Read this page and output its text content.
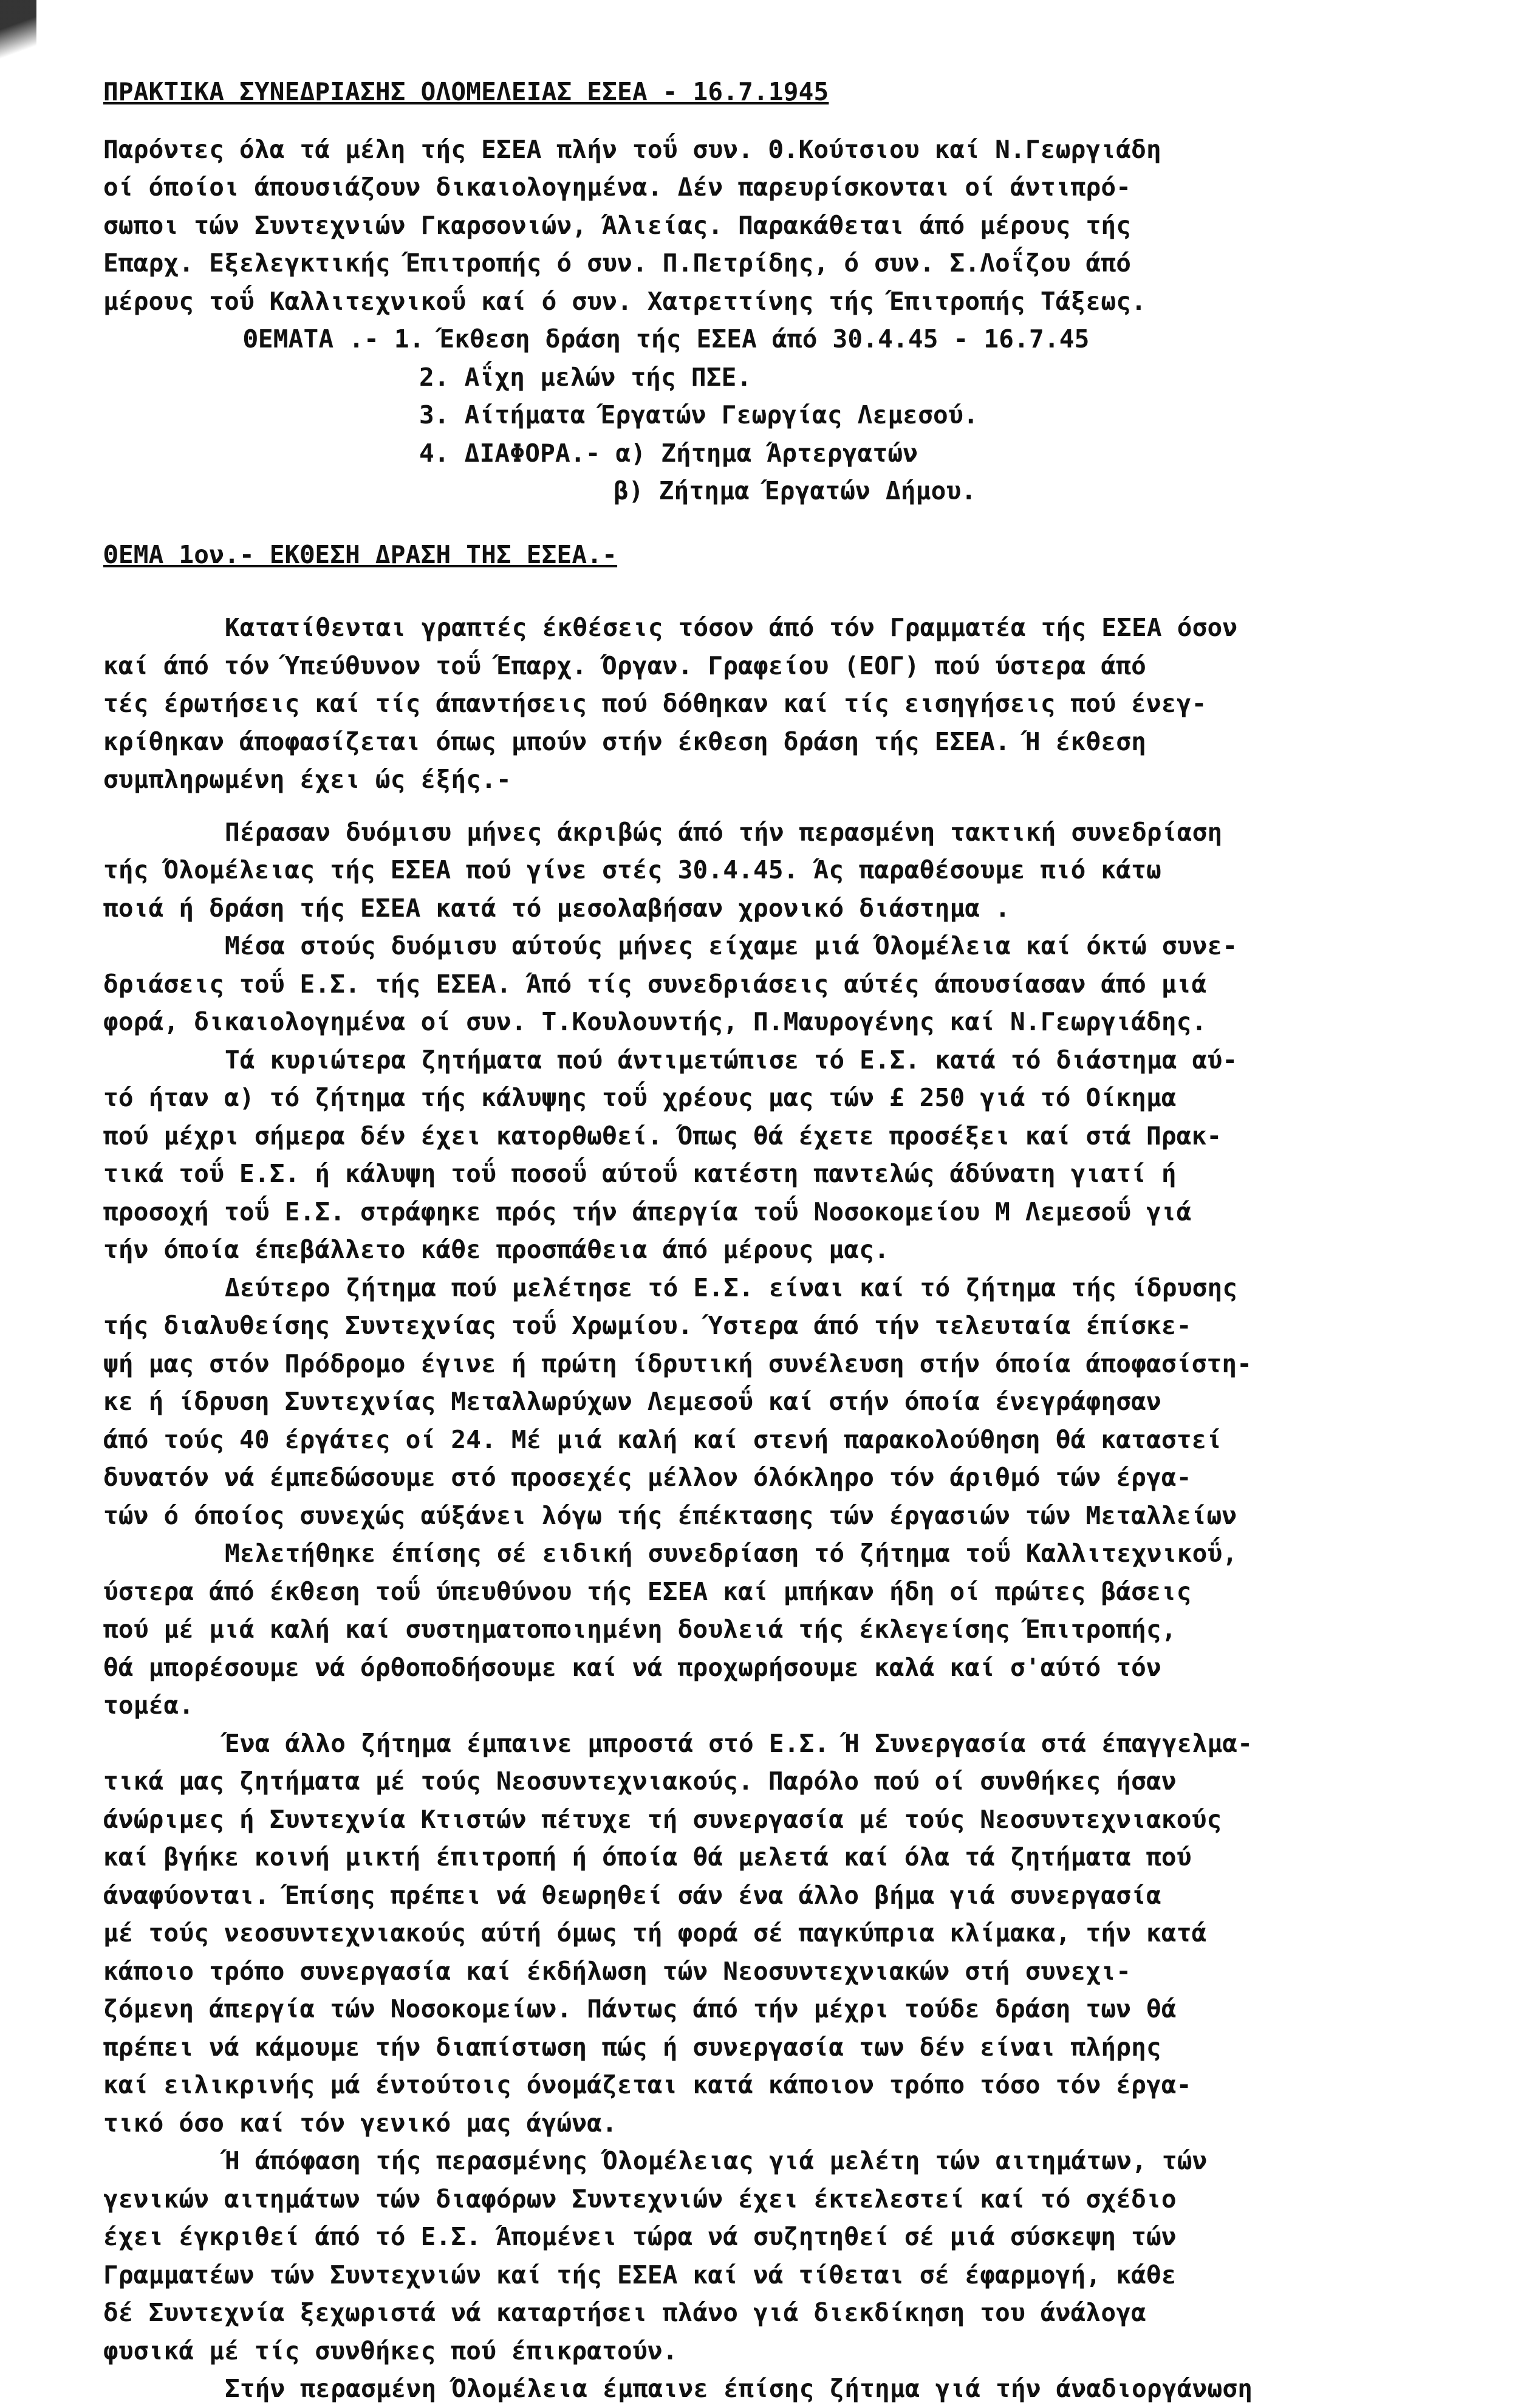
ΠΡΑΚΤΙΚΑ ΣΥΝΕΔΡΙΑΣΗΣ ΟΛΟΜΕΛΕΙΑΣ ΕΣΕΑ - 16.7.1945
Παρόντες όλα τά μέλη τής ΕΣΕΑ πλήν τοΰ συν. Θ.Κούτσιου καί Ν.Γεωργιάδη
οί όποίοι άπουσιάζουν δικαιολογημένα. Δέν παρευρίσκονται οί άντιπρό-
σωποι τών Συντεχνιών Γκαρσονιών, Άλιείας. Παρακάθεται άπό μέρους τής
Επαρχ. Εξελεγκτικής Έπιτροπής ό συν. Π.Πετρίδης, ό συν. Σ.Λοΐζου άπό
μέρους τοΰ Καλλιτεχνικοΰ καί ό συν. Χατρεττίνης τής Έπιτροπής Τάξεως.
ΘΕΜΑΤΑ .- 1. Έκθεση δράση τής ΕΣΕΑ άπό 30.4.45 - 16.7.45
2. Αΐχη μελών τής ΠΣΕ.
3. Αίτήματα Έργατών Γεωργίας Λεμεσού.
4. ΔΙΑΦΟΡΑ.- α) Ζήτημα Άρτεργατών
β) Ζήτημα Έργατών Δήμου.
ΘΕΜΑ 1ον.- ΕΚΘΕΣΗ ΔΡΑΣΗ ΤΗΣ ΕΣΕΑ.-
Κατατίθενται γραπτές έκθέσεις τόσον άπό τόν Γραμματέα τής ΕΣΕΑ όσον
καί άπό τόν Ύπεύθυνον τοΰ Έπαρχ. Όργαν. Γραφείου (ΕΟΓ) πού ύστερα άπό
τές έρωτήσεις καί τίς άπαντήσεις πού δόθηκαν καί τίς εισηγήσεις πού ένεγ-
κρίθηκαν άποφασίζεται όπως μπούν στήν έκθεση δράση τής ΕΣΕΑ. Ή έκθεση
συμπληρωμένη έχει ώς έξής.-
Πέρασαν δυόμισυ μήνες άκριβώς άπό τήν περασμένη τακτική συνεδρίαση
τής Όλομέλειας τής ΕΣΕΑ πού γίνε στές 30.4.45. Άς παραθέσουμε πιό κάτω
ποιά ή δράση τής ΕΣΕΑ κατά τό μεσολαβήσαν χρονικό διάστημα .
Μέσα στούς δυόμισυ αύτούς μήνες είχαμε μιά Όλομέλεια καί όκτώ συνε-
δριάσεις τοΰ Ε.Σ. τής ΕΣΕΑ. Άπό τίς συνεδριάσεις αύτές άπουσίασαν άπό μιά
φορά, δικαιολογημένα οί συν. Τ.Κουλουντής, Π.Μαυρογένης καί Ν.Γεωργιάδης.
Τά κυριώτερα ζητήματα πού άντιμετώπισε τό Ε.Σ. κατά τό διάστημα αύ-
τό ήταν α) τό ζήτημα τής κάλυψης τοΰ χρέους μας τών £ 250 γιά τό Οίκημα
πού μέχρι σήμερα δέν έχει κατορθωθεί. Όπως θά έχετε προσέξει καί στά Πρακ-
τικά τοΰ Ε.Σ. ή κάλυψη τοΰ ποσοΰ αύτοΰ κατέστη παντελώς άδύνατη γιατί ή
προσοχή τοΰ Ε.Σ. στράφηκε πρός τήν άπεργία τοΰ Νοσοκομείου Μ Λεμεσοΰ γιά
τήν όποία έπεβάλλετο κάθε προσπάθεια άπό μέρους μας.
Δεύτερο ζήτημα πού μελέτησε τό Ε.Σ. είναι καί τό ζήτημα τής ίδρυσης
τής διαλυθείσης Συντεχνίας τοΰ Χρωμίου. Ύστερα άπό τήν τελευταία έπίσκε-
ψή μας στόν Πρόδρομο έγινε ή πρώτη ίδρυτική συνέλευση στήν όποία άποφασίστη-
κε ή ίδρυση Συντεχνίας Μεταλλωρύχων Λεμεσοΰ καί στήν όποία ένεγράφησαν
άπό τούς 40 έργάτες οί 24. Μέ μιά καλή καί στενή παρακολούθηση θά καταστεί
δυνατόν νά έμπεδώσουμε στό προσεχές μέλλον όλόκληρο τόν άριθμό τών έργα-
τών ό όποίος συνεχώς αύξάνει λόγω τής έπέκτασης τών έργασιών τών Μεταλλείων
Μελετήθηκε έπίσης σέ ειδική συνεδρίαση τό ζήτημα τοΰ Καλλιτεχνικοΰ,
ύστερα άπό έκθεση τοΰ ύπευθύνου τής ΕΣΕΑ καί μπήκαν ήδη οί πρώτες βάσεις
πού μέ μιά καλή καί συστηματοποιημένη δουλειά τής έκλεγείσης Έπιτροπής,
θά μπορέσουμε νά όρθοποδήσουμε καί νά προχωρήσουμε καλά καί σ'αύτό τόν
τομέα.
Ένα άλλο ζήτημα έμπαινε μπροστά στό Ε.Σ. Ή Συνεργασία στά έπαγγελμα-
τικά μας ζητήματα μέ τούς Νεοσυντεχνιακούς. Παρόλο πού οί συνθήκες ήσαν
άνώριμες ή Συντεχνία Κτιστών πέτυχε τή συνεργασία μέ τούς Νεοσυντεχνιακούς
καί βγήκε κοινή μικτή έπιτροπή ή όποία θά μελετά καί όλα τά ζητήματα πού
άναφύονται. Έπίσης πρέπει νά θεωρηθεί σάν ένα άλλο βήμα γιά συνεργασία
μέ τούς νεοσυντεχνιακούς αύτή όμως τή φορά σέ παγκύπρια κλίμακα, τήν κατά
κάποιο τρόπο συνεργασία καί έκδήλωση τών Νεοσυντεχνιακών στή συνεχι-
ζόμενη άπεργία τών Νοσοκομείων. Πάντως άπό τήν μέχρι τούδε δράση των θά
πρέπει νά κάμουμε τήν διαπίστωση πώς ή συνεργασία των δέν είναι πλήρης
καί ειλικρινής μά έντούτοις όνομάζεται κατά κάποιον τρόπο τόσο τόν έργα-
τικό όσο καί τόν γενικό μας άγώνα.
Ή άπόφαση τής περασμένης Όλομέλειας γιά μελέτη τών αιτημάτων, τών
γενικών αιτημάτων τών διαφόρων Συντεχνιών έχει έκτελεστεί καί τό σχέδιο
έχει έγκριθεί άπό τό Ε.Σ. Άπομένει τώρα νά συζητηθεί σέ μιά σύσκεψη τών
Γραμματέων τών Συντεχνιών καί τής ΕΣΕΑ καί νά τίθεται σέ έφαρμογή, κάθε
δέ Συντεχνία ξεχωριστά νά καταρτήσει πλάνο γιά διεκδίκηση του άνάλογα
φυσικά μέ τίς συνθήκες πού έπικρατούν.
Στήν περασμένη Όλομέλεια έμπαινε έπίσης ζήτημα γιά τήν άναδιοργάνωση
